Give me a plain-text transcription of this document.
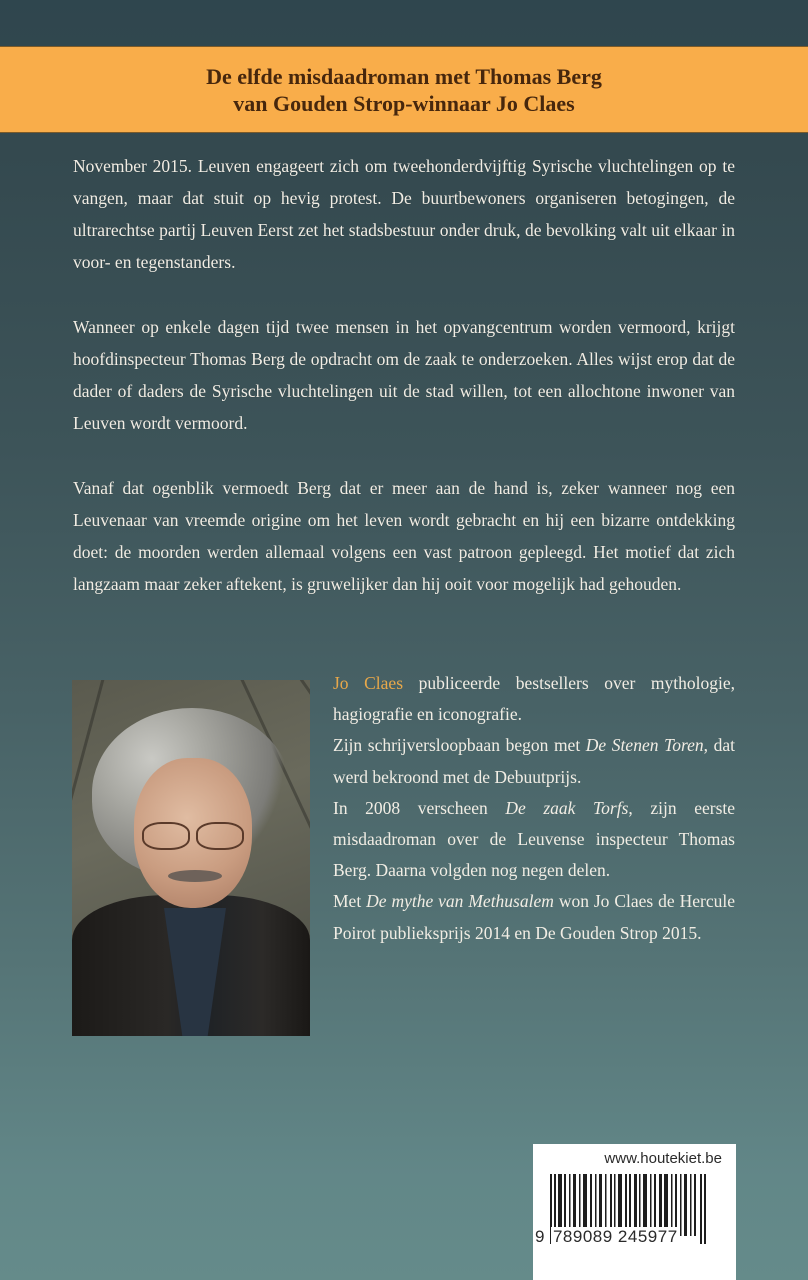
De elfde misdaadroman met Thomas Berg
van Gouden Strop-winnaar Jo Claes

November 2015. Leuven engageert zich om tweehonderdvijftig Syrische vluchtelingen op te vangen, maar dat stuit op hevig protest. De buurtbewoners organiseren betogingen, de ultrarechtse partij Leuven Eerst zet het stadsbestuur onder druk, de bevolking valt uit elkaar in voor- en tegenstanders.

Wanneer op enkele dagen tijd twee mensen in het opvangcentrum worden vermoord, krijgt hoofdinspecteur Thomas Berg de opdracht om de zaak te onderzoeken. Alles wijst erop dat de dader of daders de Syrische vluchtelingen uit de stad willen, tot een allochtone inwoner van Leuven wordt vermoord.

Vanaf dat ogenblik vermoedt Berg dat er meer aan de hand is, zeker wanneer nog een Leuvenaar van vreemde origine om het leven wordt gebracht en hij een bizarre ontdekking doet: de moorden werden allemaal volgens een vast patroon gepleegd. Het motief dat zich langzaam maar zeker aftekent, is gruwelijker dan hij ooit voor mogelijk had gehouden.

Jo Claes publiceerde bestsellers over mythologie, hagiografie en iconografie.
Zijn schrijversloopbaan begon met De Stenen Toren, dat werd bekroond met de Debuutprijs.
In 2008 verscheen De zaak Torfs, zijn eerste misdaadroman over de Leuvense inspecteur Thomas Berg. Daarna volgden nog negen delen.
Met De mythe van Methusalem won Jo Claes de Hercule Poirot publieksprijs 2014 en De Gouden Strop 2015.

www.houtekiet.be
9 789089 245977
